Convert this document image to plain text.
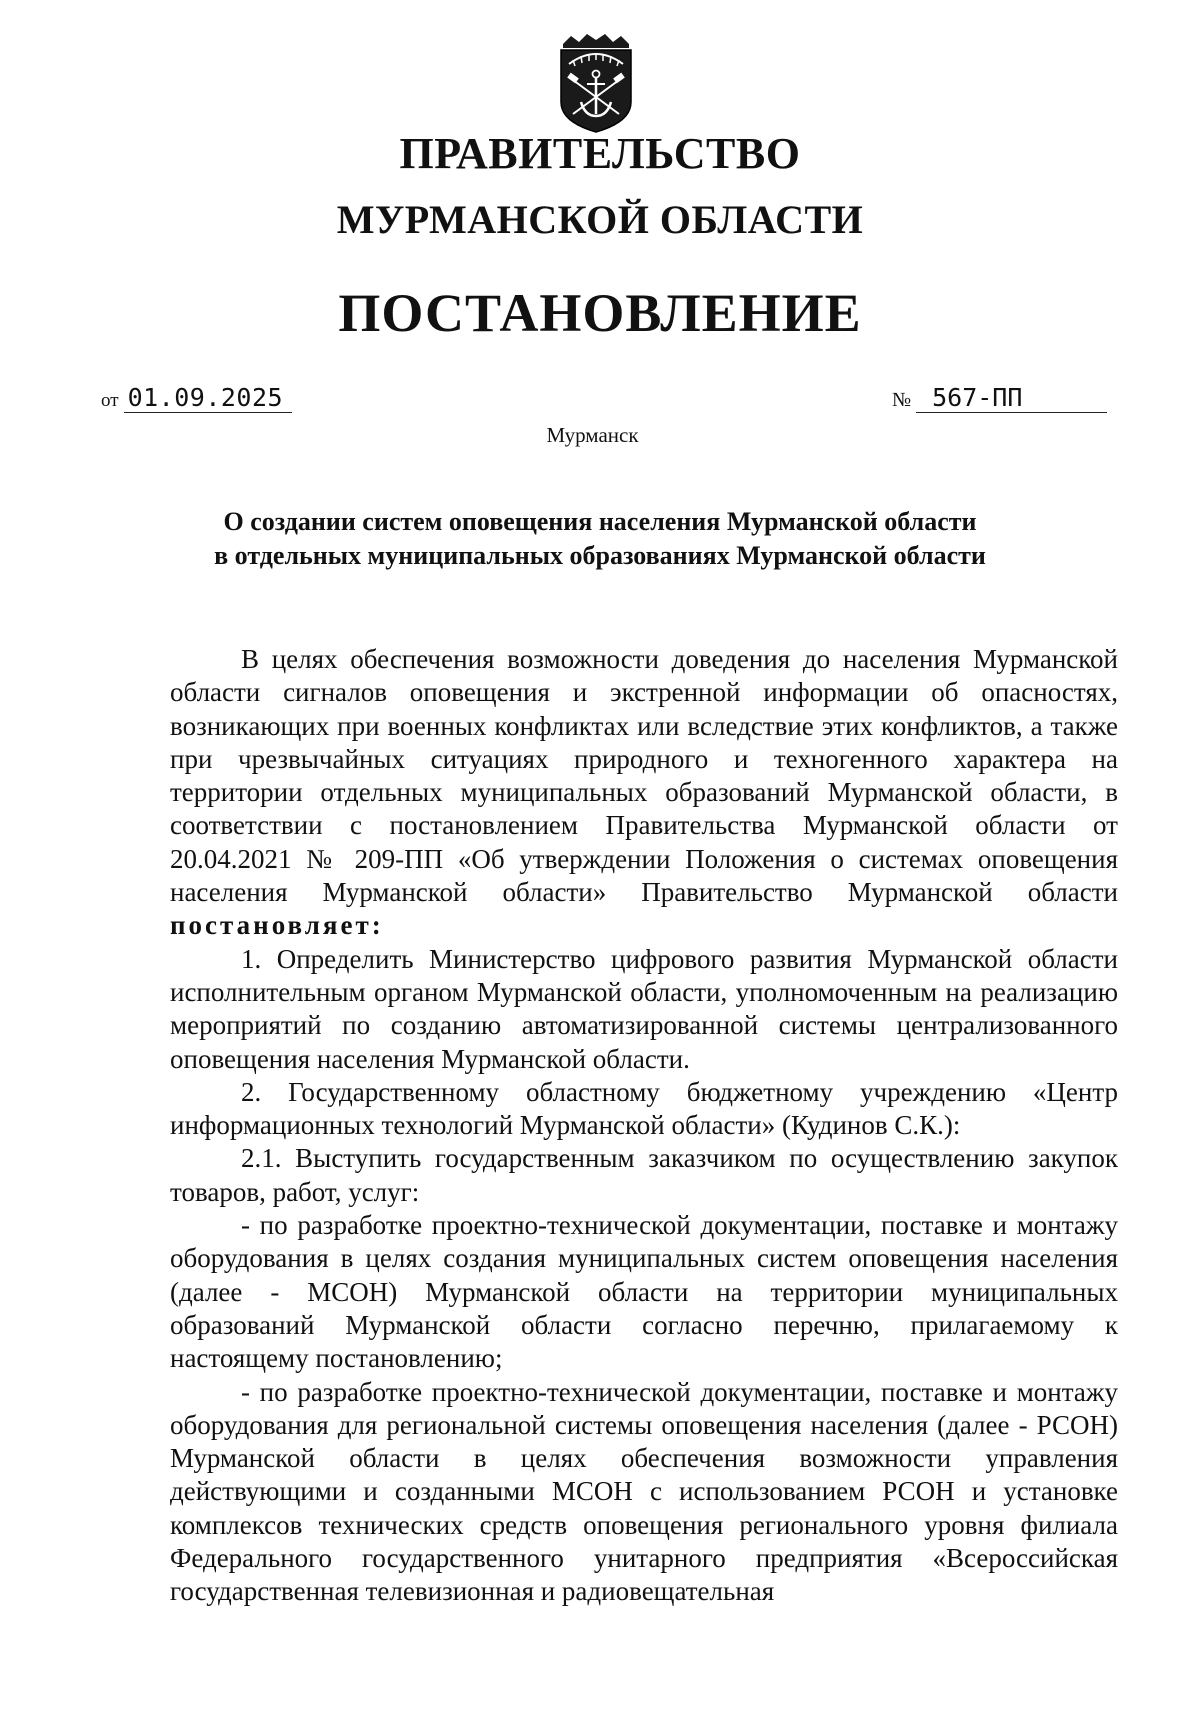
ПРАВИТЕЛЬСТВО
МУРМАНСКОЙ ОБЛАСТИ
ПОСТАНОВЛЕНИЕ
от 01.09.2025	№ 567-ПП
Мурманск
О создании систем оповещения населения Мурманской области
в отдельных муниципальных образованиях Мурманской области

В целях обеспечения возможности доведения до населения Мурманской области сигналов оповещения и экстренной информации об опасностях, возникающих при военных конфликтах или вследствие этих конфликтов, а также при чрезвычайных ситуациях природного и техногенного характера на территории отдельных муниципальных образований Мурманской области, в соответствии с постановлением Правительства Мурманской области от 20.04.2021 № 209-ПП «Об утверждении Положения о системах оповещения населения Мурманской области» Правительство Мурманской области постановляет:

1. Определить Министерство цифрового развития Мурманской области исполнительным органом Мурманской области, уполномоченным на реализацию мероприятий по созданию автоматизированной системы централизованного оповещения населения Мурманской области.

2. Государственному областному бюджетному учреждению «Центр информационных технологий Мурманской области» (Кудинов С.К.):

2.1. Выступить государственным заказчиком по осуществлению закупок товаров, работ, услуг:

- по разработке проектно-технической документации, поставке и монтажу оборудования в целях создания муниципальных систем оповещения населения (далее - МСОН) Мурманской области на территории муниципальных образований Мурманской области согласно перечню, прилагаемому к настоящему постановлению;

- по разработке проектно-технической документации, поставке и монтажу оборудования для региональной системы оповещения населения (далее - РСОН) Мурманской области в целях обеспечения возможности управления действующими и созданными МСОН с использованием РСОН и установке комплексов технических средств оповещения регионального уровня филиала Федерального государственного унитарного предприятия «Всероссийская государственная телевизионная и радиовещательная
